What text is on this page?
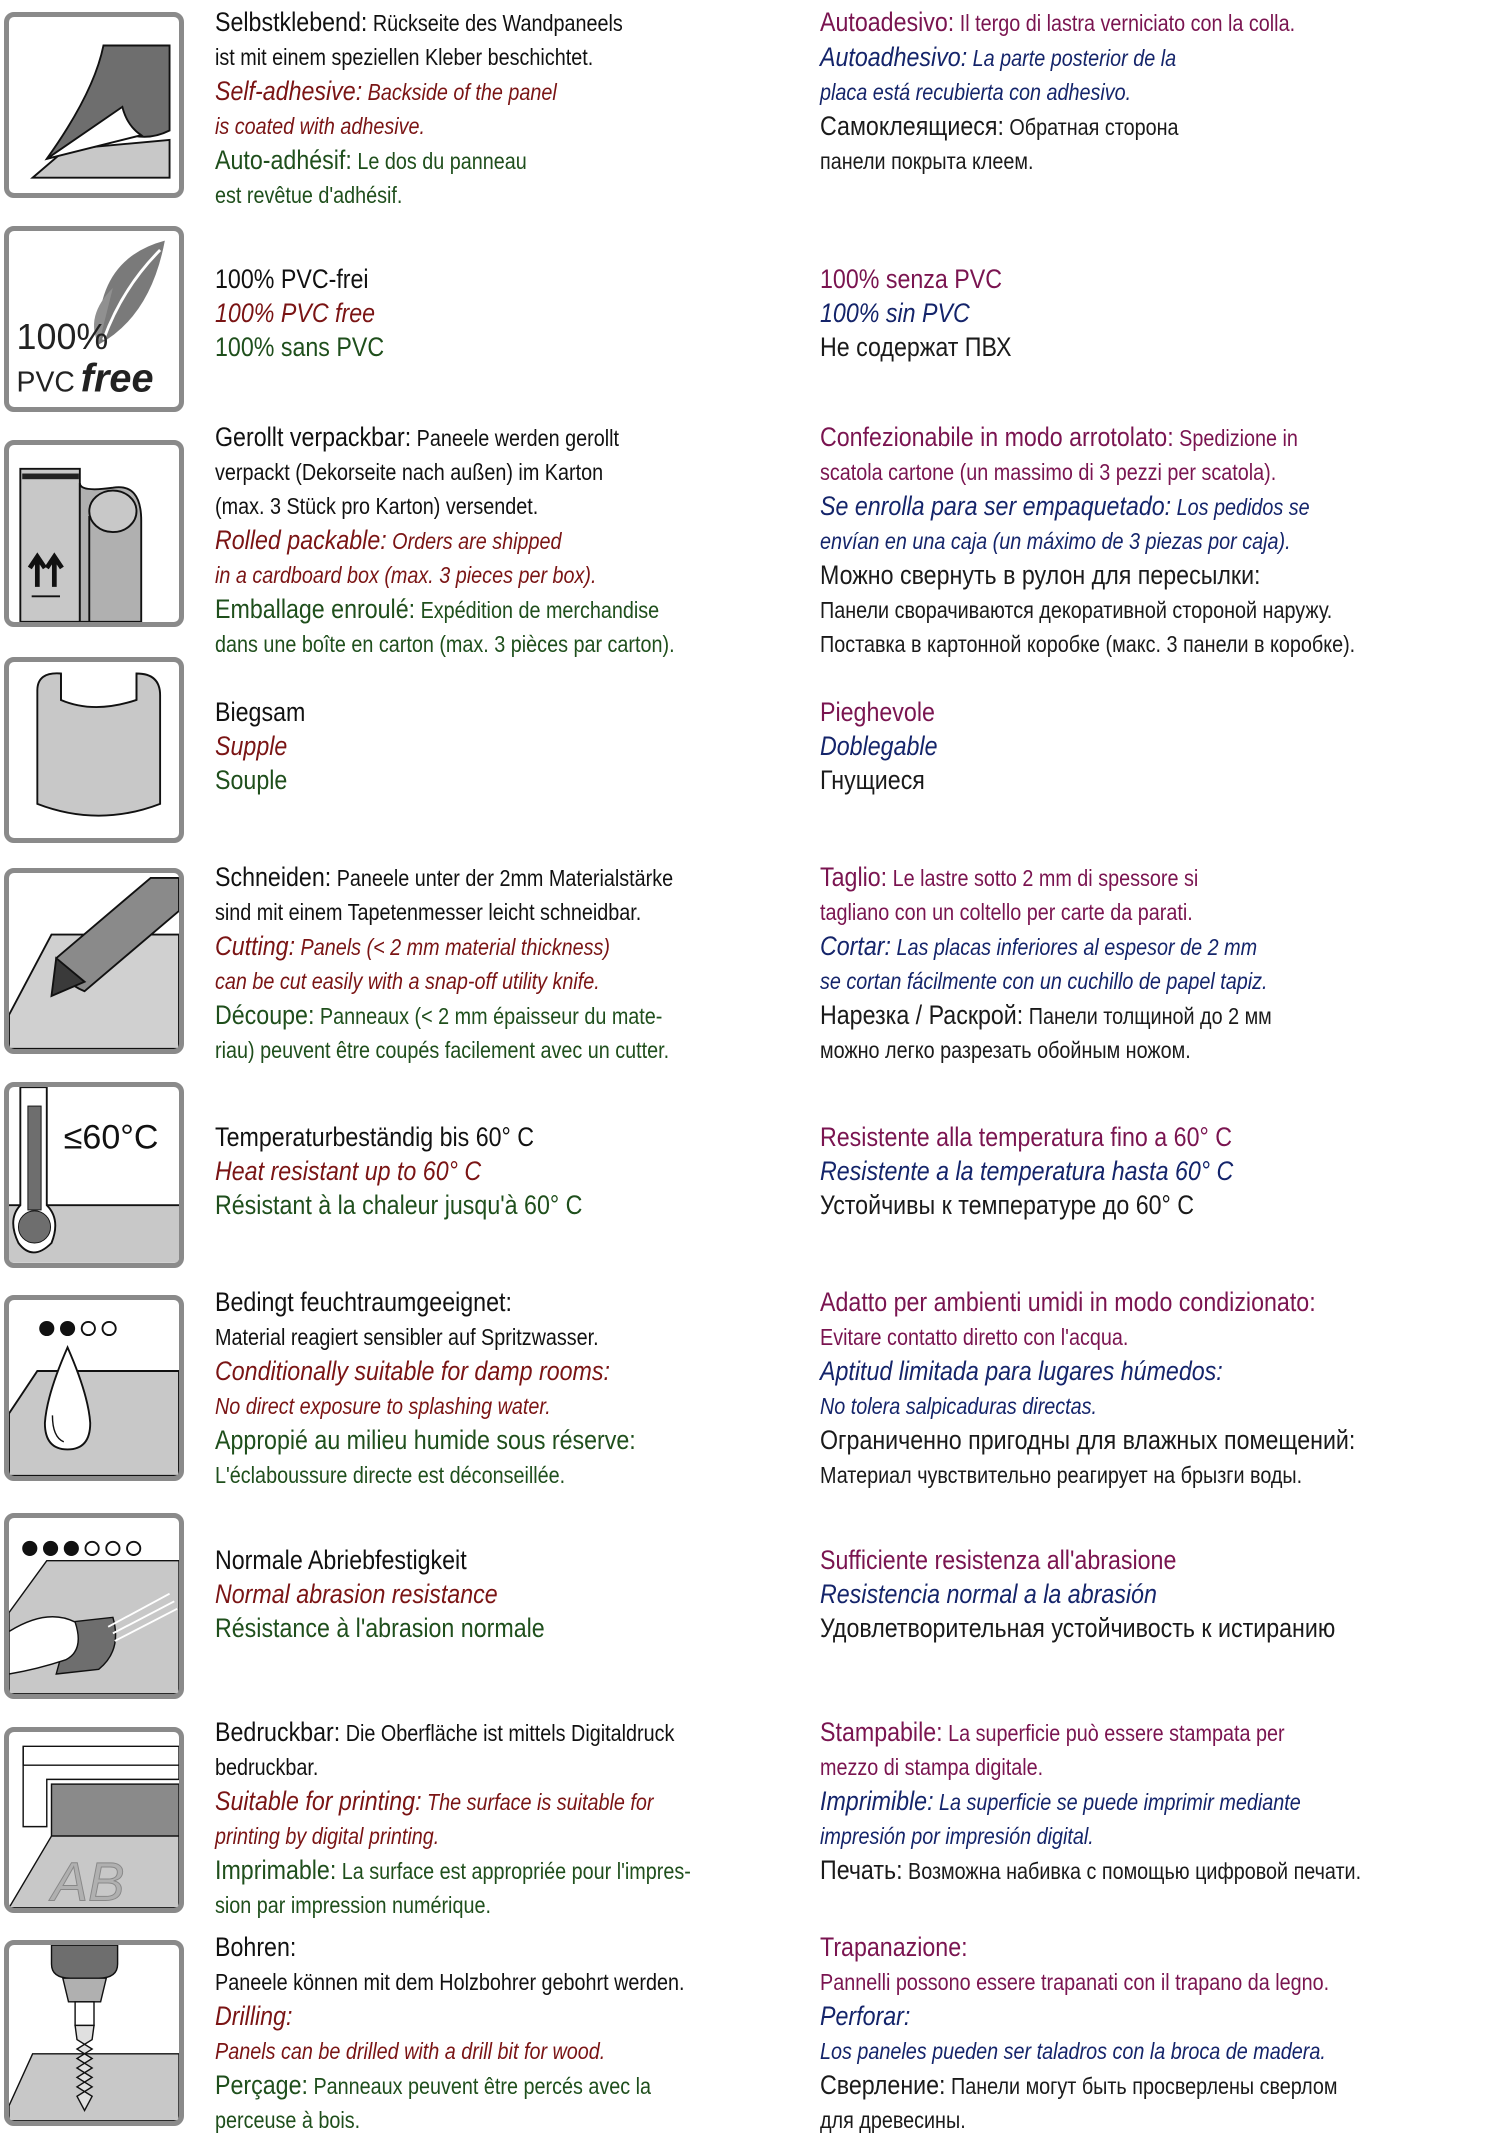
Selbstklebend: Rückseite des Wandpaneels
ist mit einem speziellen Kleber beschichtet.
Self-adhesive: Backside of the panel
is coated with adhesive.
Auto-adhésif: Le dos du panneau
est revêtue d'adhésif.
Autoadesivo: Il tergo di lastra verniciato con la colla.
Autoadhesivo: La parte posterior de la
placa está recubierta con adhesivo.
Самоклеящиеся: Обратная сторона
панели покрыта клеем.
100%
PVC free
100% PVC-frei
100% PVC free
100% sans PVC
100% senza PVC
100% sin PVC
Не содержат ПВХ
Gerollt verpackbar: Paneele werden gerollt
verpackt (Dekorseite nach außen) im Karton
(max. 3 Stück pro Karton) versendet.
Rolled packable: Orders are shipped
in a cardboard box (max. 3 pieces per box).
Emballage enroulé: Expédition de merchandise
dans une boîte en carton (max. 3 pièces par carton).
Confezionabile in modo arrotolato: Spedizione in
scatola cartone (un massimo di 3 pezzi per scatola).
Se enrolla para ser empaquetado: Los pedidos se
envían en una caja (un máximo de 3 piezas por caja).
Можно свернуть в рулон для пересылки:
Панели сворачиваются декоративной стороной наружу.
Поставка в картонной коробке (макс. 3 панели в коробке).
Biegsam
Supple
Souple
Pieghevole
Doblegable
Гнущиеся
Schneiden: Paneele unter der 2mm Materialstärke
sind mit einem Tapetenmesser leicht schneidbar.
Cutting: Panels (< 2 mm material thickness)
can be cut easily with a snap-off utility knife.
Découpe: Panneaux (< 2 mm épaisseur du mate-
riau) peuvent être coupés facilement avec un cutter.
Taglio: Le lastre sotto 2 mm di spessore si
tagliano con un coltello per carte da parati.
Cortar: Las placas inferiores al espesor de 2 mm
se cortan fácilmente con un cuchillo de papel tapiz.
Нарезка / Раскрой: Панели толщиной до 2 мм
можно легко разрезать обойным ножом.
≤60°C Temperaturbeständig bis 60° C
Heat resistant up to 60° C
Résistant à la chaleur jusqu'à 60° C
Resistente alla temperatura fino a 60° C
Resistente a la temperatura hasta 60° C
Устойчивы к температуре до 60° C
Bedingt feuchtraumgeeignet:
Material reagiert sensibler auf Spritzwasser.
Conditionally suitable for damp rooms:
No direct exposure to splashing water.
Appropié au milieu humide sous réserve:
L'éclaboussure directe est déconseillée.
Adatto per ambienti umidi in modo condizionato:
Evitare contatto diretto con l'acqua.
Aptitud limitada para lugares húmedos:
No tolera salpicaduras directas.
Ограниченно пригодны для влажных помещений:
Материал чувствительно реагирует на брызги воды.
Normale Abriebfestigkeit
Normal abrasion resistance
Résistance à l'abrasion normale
Sufficiente resistenza all'abrasione
Resistencia normal a la abrasión
Удовлетворительная устойчивость к истиранию
AB
Bedruckbar: Die Oberfläche ist mittels Digitaldruck
bedruckbar.
Suitable for printing: The surface is suitable for
printing by digital printing.
Imprimable: La surface est appropriée pour l'impres-
sion par impression numérique.
Stampabile: La superficie può essere stampata per
mezzo di stampa digitale.
Imprimible: La superficie se puede imprimir mediante
impresión por impresión digital.
Печать: Возможна набивка с помощью цифровой печати.
Bohren:
Paneele können mit dem Holzbohrer gebohrt werden.
Drilling:
Panels can be drilled with a drill bit for wood.
Perçage: Panneaux peuvent être percés avec la
perceuse à bois.
Trapanazione:
Pannelli possono essere trapanati con il trapano da legno.
Perforar:
Los paneles pueden ser taladros con la broca de madera.
Сверление: Панели могут быть просверлены сверлом
для древесины.
